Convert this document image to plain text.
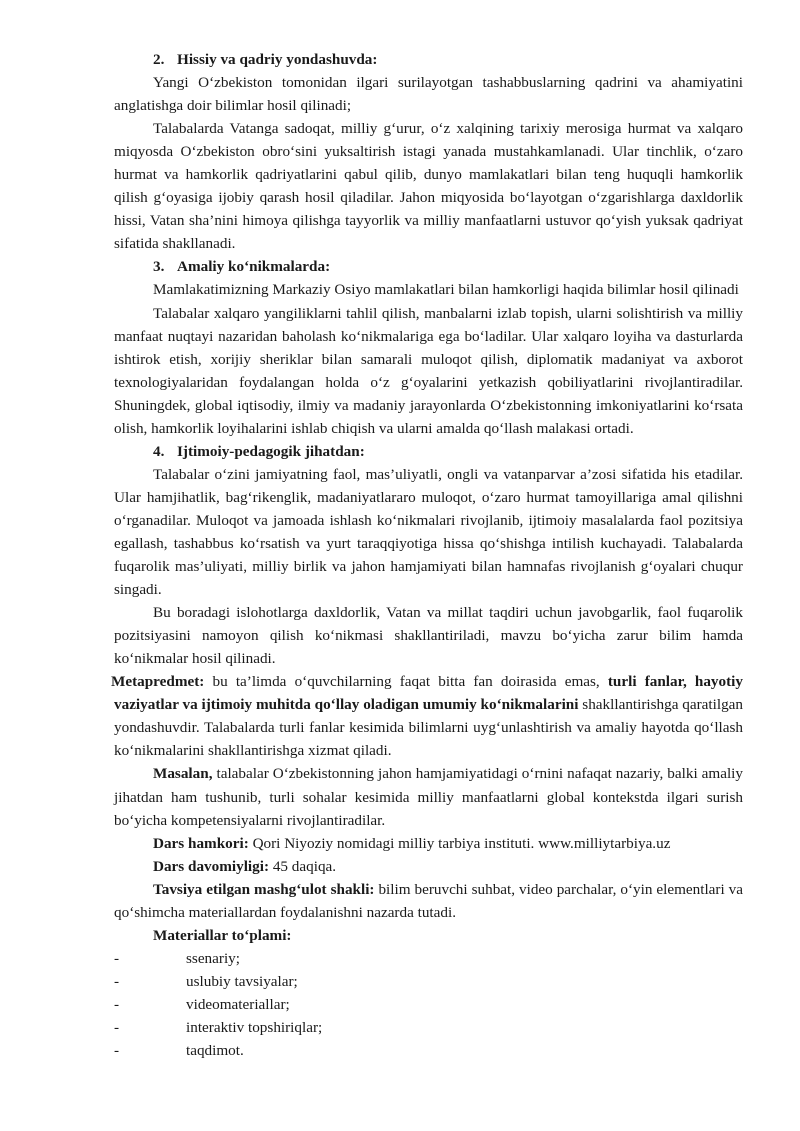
2. Hissiy va qadriy yondashuvda:

Yangi O‘zbekiston tomonidan ilgari surilayotgan tashabbuslarning qadrini va ahamiyatini anglatishga doir bilimlar hosil qilinadi;

Talabalarda Vatanga sadoqat, milliy g‘urur, o‘z xalqining tarixiy merosiga hurmat va xalqaro miqyosda O‘zbekiston obro‘sini yuksaltirish istagi yanada mustahkamlanadi. Ular tinchlik, o‘zaro hurmat va hamkorlik qadriyatlarini qabul qilib, dunyo mamlakatlari bilan teng huquqli hamkorlik qilish g‘oyasiga ijobiy qarash hosil qiladilar. Jahon miqyosida bo‘layotgan o‘zgarishlarga daxldorlik hissi, Vatan sha’nini himoya qilishga tayyorlik va milliy manfaatlarni ustuvor qo‘yish yuksak qadriyat sifatida shakllanadi.

3. Amaliy ko‘nikmalarda:

Mamlakatimizning Markaziy Osiyo mamlakatlari bilan hamkorligi haqida bilimlar hosil qilinadi

Talabalar xalqaro yangiliklarni tahlil qilish, manbalarni izlab topish, ularni solishtirish va milliy manfaat nuqtayi nazaridan baholash ko‘nikmalariga ega bo‘ladilar. Ular xalqaro loyiha va dasturlarda ishtirok etish, xorijiy sheriklar bilan samarali muloqot qilish, diplomatik madaniyat va axborot texnologiyalaridan foydalangan holda o‘z g‘oyalarini yetkazish qobiliyatlarini rivojlantiradilar. Shuningdek, global iqtisodiy, ilmiy va madaniy jarayonlarda O‘zbekistonning imkoniyatlarini ko‘rsata olish, hamkorlik loyihalarini ishlab chiqish va ularni amalda qo‘llash malakasi ortadi.

4. Ijtimoiy-pedagogik jihatdan:

Talabalar o‘zini jamiyatning faol, mas’uliyatli, ongli va vatanparvar a’zosi sifatida his etadilar. Ular hamjihatlik, bag‘rikenglik, madaniyatlararo muloqot, o‘zaro hurmat tamoyillariga amal qilishni o‘rganadilar. Muloqot va jamoada ishlash ko‘nikmalari rivojlanib, ijtimoiy masalalarda faol pozitsiya egallash, tashabbus ko‘rsatish va yurt taraqqiyotiga hissa qo‘shishga intilish kuchayadi. Talabalarda fuqarolik mas’uliyati, milliy birlik va jahon hamjamiyati bilan hamnafas rivojlanish g‘oyalari chuqur singadi.

Bu boradagi islohotlarga daxldorlik, Vatan va millat taqdiri uchun javobgarlik, faol fuqarolik pozitsiyasini namoyon qilish ko‘nikmasi shakllantiriladi, mavzu bo‘yicha zarur bilim hamda ko‘nikmalar hosil qilinadi.

Metapredmet: bu ta’limda o‘quvchilarning faqat bitta fan doirasida emas, turli fanlar, hayotiy vaziyatlar va ijtimoiy muhitda qo‘llay oladigan umumiy ko‘nikmalarini shakllantirishga qaratilgan yondashuvdir. Talabalarda turli fanlar kesimida bilimlarni uyg‘unlashtirish va amaliy hayotda qo‘llash ko‘nikmalarini shakllantirishga xizmat qiladi.

Masalan, talabalar O‘zbekistonning jahon hamjamiyatidagi o‘rnini nafaqat nazariy, balki amaliy jihatdan ham tushunib, turli sohalar kesimida milliy manfaatlarni global kontekstda ilgari surish bo‘yicha kompetensiyalarni rivojlantiradilar.

Dars hamkori: Qori Niyoziy nomidagi milliy tarbiya instituti. www.milliytarbiya.uz

Dars davomiyligi: 45 daqiqa.

Tavsiya etilgan mashg‘ulot shakli: bilim beruvchi suhbat, video parchalar, o‘yin elementlari va qo‘shimcha materiallardan foydalanishni nazarda tutadi.

Materiallar to‘plami:

-	ssenariy;
-	uslubiy tavsiyalar;
-	videomateriallar;
-	interaktiv topshiriqlar;
-	taqdimot.
